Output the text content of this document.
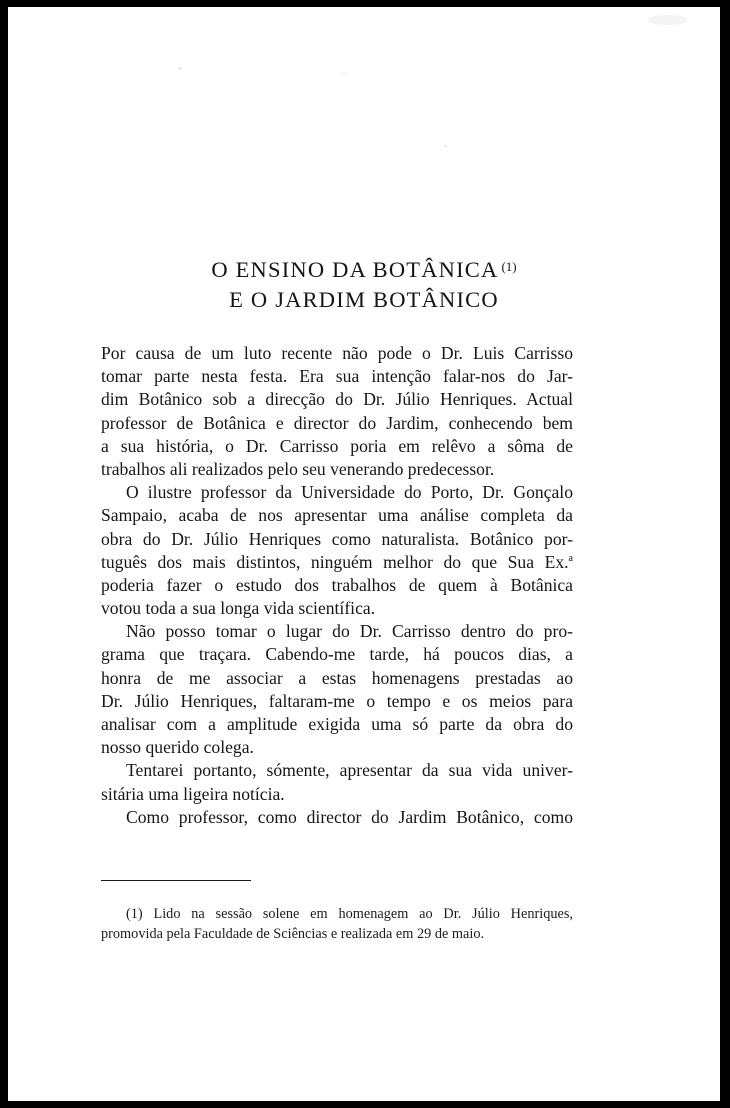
O ENSINO DA BOTÂNICA $^{(1)}$
E O JARDIM BOTÂNICO
Por causa de um luto recente não pode o Dr. Luis Carrisso
tomar parte nesta festa. Era sua intenção falar-nos do Jar-
dim Botânico sob a direcção do Dr. Júlio Henriques. Actual
professor de Botânica e director do Jardim, conhecendo bem
a sua história, o Dr. Carrisso poria em relêvo a sôma de
trabalhos ali realizados pelo seu venerando predecessor.
O ilustre professor da Universidade do Porto, Dr. Gonçalo
Sampaio, acaba de nos apresentar uma análise completa da
obra do Dr. Júlio Henriques como naturalista. Botânico por-
tuguês dos mais distintos, ninguém melhor do que Sua Ex.$^a$
poderia fazer o estudo dos trabalhos de quem à Botânica
votou toda a sua longa vida scientífica.
Não posso tomar o lugar do Dr. Carrisso dentro do pro-
grama que traçara. Cabendo-me tarde, há poucos dias, a
honra de me associar a estas homenagens prestadas ao
Dr. Júlio Henriques, faltaram-me o tempo e os meios para
analisar com a amplitude exigida uma só parte da obra do
nosso querido colega.
Tentarei portanto, sómente, apresentar da sua vida univer-
sitária uma ligeira notícia.
Como professor, como director do Jardim Botânico, como
(1) Lido na sessão solene em homenagem ao Dr. Júlio Henriques,
promovida pela Faculdade de Sciências e realizada em 29 de maio.
